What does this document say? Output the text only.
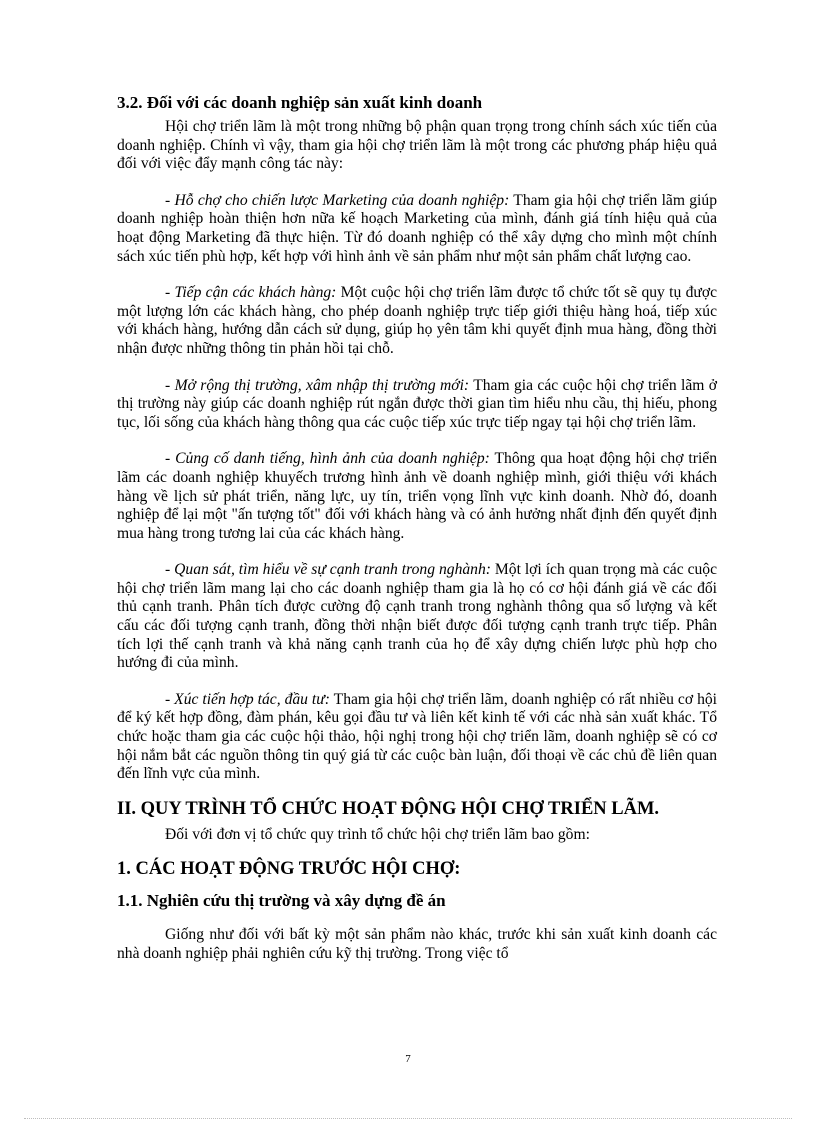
3.2. Đối với các doanh nghiệp sản xuất kinh doanh

Hội chợ triển lãm là một trong những bộ phận quan trọng trong chính sách xúc tiến của doanh nghiệp. Chính vì vậy, tham gia hội chợ triển lãm là một trong các phương pháp hiệu quả đối với việc đẩy mạnh công tác này:

- Hỗ chợ cho chiến lược Marketing của doanh nghiệp: Tham gia hội chợ triển lãm giúp doanh nghiệp hoàn thiện hơn nữa kế hoạch Marketing của mình, đánh giá tính hiệu quả của hoạt động Marketing đã thực hiện. Từ đó doanh nghiệp có thể xây dựng cho mình một chính sách xúc tiến phù hợp, kết hợp với hình ảnh về sản phẩm như một sản phẩm chất lượng cao.

- Tiếp cận các khách hàng: Một cuộc hội chợ triển lãm được tổ chức tốt sẽ quy tụ được một lượng lớn các khách hàng, cho phép doanh nghiệp trực tiếp giới thiệu hàng hoá, tiếp xúc với khách hàng, hướng dẫn cách sử dụng, giúp họ yên tâm khi quyết định mua hàng, đồng thời nhận được những thông tin phản hồi tại chỗ.

- Mở rộng thị trường, xâm nhập thị trường mới: Tham gia các cuộc hội chợ triển lãm ở thị trường này giúp các doanh nghiệp rút ngắn được thời gian tìm hiểu nhu cầu, thị hiếu, phong tục, lối sống của khách hàng thông qua các cuộc tiếp xúc trực tiếp ngay tại hội chợ triển lãm.

- Củng cố danh tiếng, hình ảnh của doanh nghiệp: Thông qua hoạt động hội chợ triển lãm các doanh nghiệp khuyếch trương hình ảnh về doanh nghiệp mình, giới thiệu với khách hàng về lịch sử phát triển, năng lực, uy tín, triển vọng lĩnh vực kinh doanh. Nhờ đó, doanh nghiệp để lại một "ấn tượng tốt" đối với khách hàng và có ảnh hưởng nhất định đến quyết định mua hàng trong tương lai của các khách hàng.

- Quan sát, tìm hiểu về sự cạnh tranh trong nghành: Một lợi ích quan trọng mà các cuộc hội chợ triển lãm mang lại cho các doanh nghiệp tham gia là họ có cơ hội đánh giá về các đối thủ cạnh tranh. Phân tích được cường độ cạnh tranh trong nghành thông qua số lượng và kết cấu các đối tượng cạnh tranh, đồng thời nhận biết được đối tượng cạnh tranh trực tiếp. Phân tích lợi thế cạnh tranh và khả năng cạnh tranh của họ để xây dựng chiến lược phù hợp cho hướng đi của mình.

- Xúc tiến hợp tác, đầu tư: Tham gia hội chợ triển lãm, doanh nghiệp có rất nhiều cơ hội để ký kết hợp đồng, đàm phán, kêu gọi đầu tư và liên kết kinh tế với các nhà sản xuất khác. Tổ chức hoặc tham gia các cuộc hội thảo, hội nghị trong hội chợ triển lãm, doanh nghiệp sẽ có cơ hội nắm bắt các nguồn thông tin quý giá từ các cuộc bàn luận, đối thoại về các chủ đề liên quan đến lĩnh vực của mình.

II. QUY TRÌNH TỔ CHỨC HOẠT ĐỘNG HỘI CHỢ TRIỂN LÃM.

Đối với đơn vị tổ chức quy trình tổ chức hội chợ triển lãm bao gồm:

1. CÁC HOẠT ĐỘNG TRƯỚC HỘI CHỢ:
1.1. Nghiên cứu thị trường và xây dựng đề án

Giống như đối với bất kỳ một sản phẩm nào khác, trước khi sản xuất kinh doanh các nhà doanh nghiệp phải nghiên cứu kỹ thị trường. Trong việc tổ

7
